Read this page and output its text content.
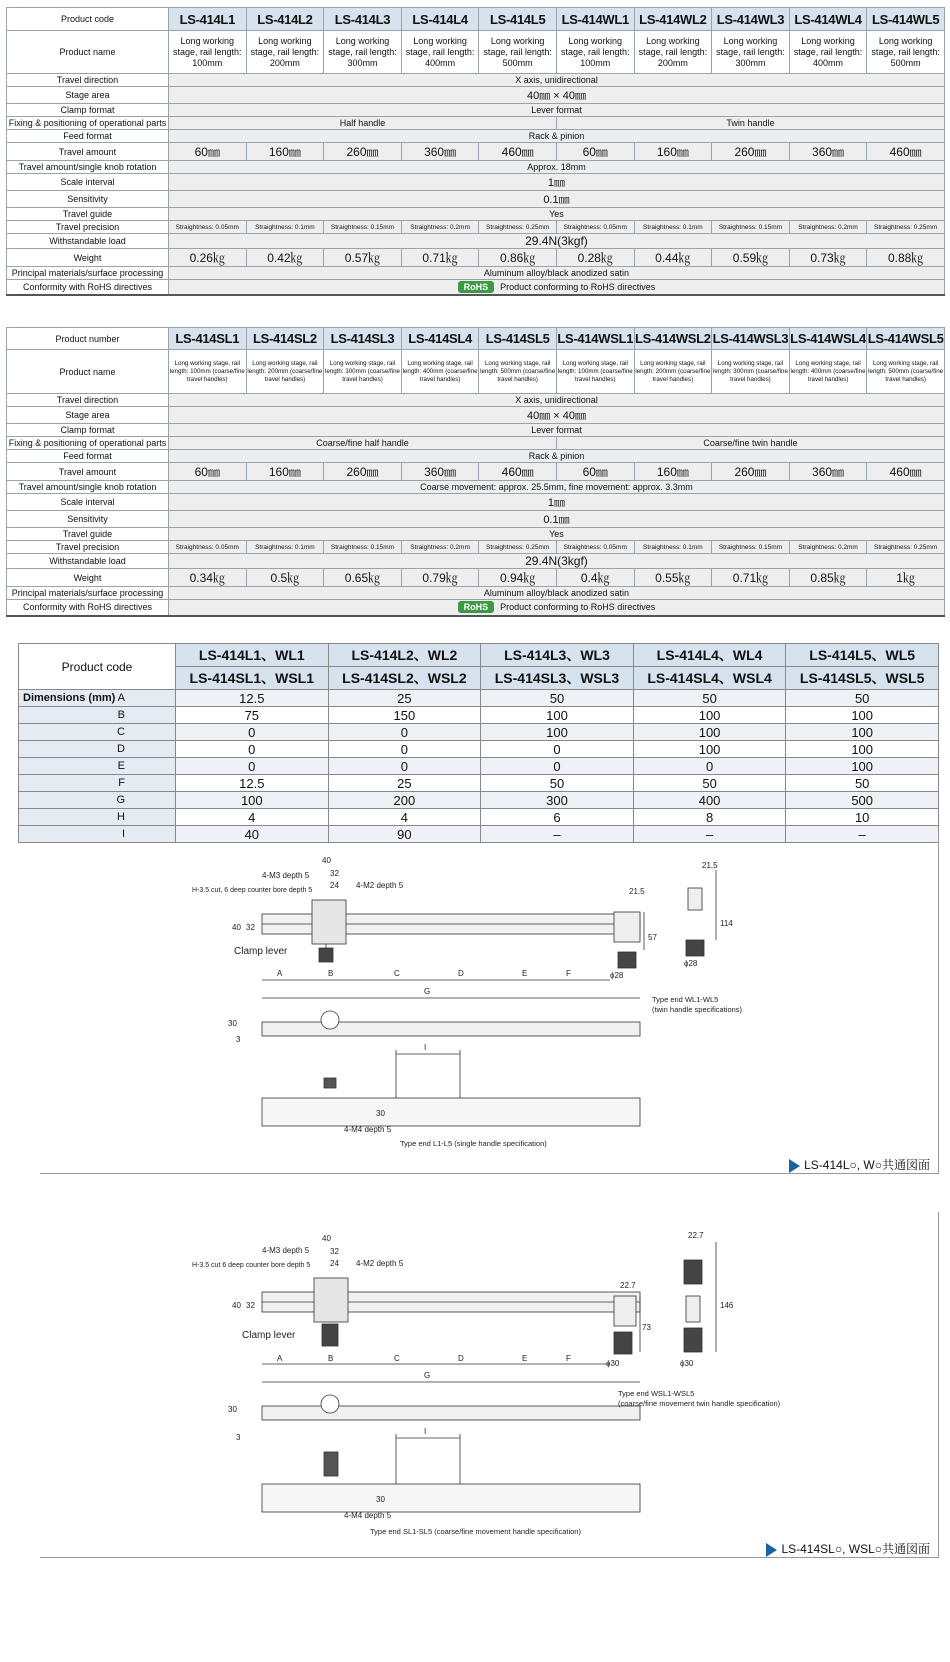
Product code	LS-414L1	LS-414L2	LS-414L3	LS-414L4	LS-414L5	LS-414WL1	LS-414WL2	LS-414WL3	LS-414WL4	LS-414WL5
Product name	Long working stage, rail length: 100mm	Long working stage, rail length: 200mm	Long working stage, rail length: 300mm	Long working stage, rail length: 400mm	Long working stage, rail length: 500mm	Long working stage, rail length: 100mm	Long working stage, rail length: 200mm	Long working stage, rail length: 300mm	Long working stage, rail length: 400mm	Long working stage, rail length: 500mm
Travel direction	X axis, unidirectional									
Stage area	40㎜ × 40㎜									
Clamp format	Lever format									
Fixing & positioning of operational parts	Half handle					Twin handle				
Feed format	Rack & pinion									
Travel amount	60㎜	160㎜	260㎜	360㎜	460㎜	60㎜	160㎜	260㎜	360㎜	460㎜
Travel amount/single knob rotation	Approx. 18mm									
Scale interval	1㎜									
Sensitivity	0.1㎜									
Travel guide	Yes									
Travel precision	Straightness: 0.05mm	Straightness: 0.1mm	Straightness: 0.15mm	Straightness: 0.2mm	Straightness: 0.25mm	Straightness: 0.05mm	Straightness: 0.1mm	Straightness: 0.15mm	Straightness: 0.2mm	Straightness: 0.25mm
Withstandable load	29.4N(3kgf)									
Weight	0.26㎏	0.42㎏	0.57㎏	0.71㎏	0.86㎏	0.28㎏	0.44㎏	0.59㎏	0.73㎏	0.88㎏
Principal materials/surface processing	Aluminum alloy/black anodized satin									
Conformity with RoHS directives	RoHS Product conforming to RoHS directives									
Product number	LS-414SL1	LS-414SL2	LS-414SL3	LS-414SL4	LS-414SL5	LS-414WSL1	LS-414WSL2	LS-414WSL3	LS-414WSL4	LS-414WSL5
Product name	Long working stage, rail length: 100mm (coarse/fine travel handles)	Long working stage, rail length: 200mm (coarse/fine travel handles)	Long working stage, rail length: 300mm (coarse/fine travel handles)	Long working stage, rail length: 400mm (coarse/fine travel handles)	Long working stage, rail length: 500mm (coarse/fine travel handles)	Long working stage, rail length: 100mm (coarse/fine travel handles)	Long working stage, rail length: 200mm (coarse/fine travel handles)	Long working stage, rail length: 300mm (coarse/fine travel handles)	Long working stage, rail length: 400mm (coarse/fine travel handles)	Long working stage, rail length: 500mm (coarse/fine travel handles)
Travel direction	X axis, unidirectional									
Stage area	40㎜ × 40㎜									
Clamp format	Lever format									
Fixing & positioning of operational parts	Coarse/fine half handle					Coarse/fine twin handle				
Feed format	Rack & pinion									
Travel amount	60㎜	160㎜	260㎜	360㎜	460㎜	60㎜	160㎜	260㎜	360㎜	460㎜
Travel amount/single knob rotation	Coarse movement: approx. 25.5mm, fine movement: approx. 3.3mm									
Scale interval	1㎜									
Sensitivity	0.1㎜									
Travel guide	Yes									
Travel precision	Straightness: 0.05mm	Straightness: 0.1mm	Straightness: 0.15mm	Straightness: 0.2mm	Straightness: 0.25mm	Straightness: 0.05mm	Straightness: 0.1mm	Straightness: 0.15mm	Straightness: 0.2mm	Straightness: 0.25mm
Withstandable load	29.4N(3kgf)									
Weight	0.34㎏	0.5㎏	0.65㎏	0.79㎏	0.94㎏	0.4㎏	0.55㎏	0.71㎏	0.85㎏	1㎏
Principal materials/surface processing	Aluminum alloy/black anodized satin									
Conformity with RoHS directives	RoHS Product conforming to RoHS directives									
Product code	LS-414L1、WL1	LS-414L2、WL2	LS-414L3、WL3	LS-414L4、WL4	LS-414L5、WL5
	LS-414SL1、WSL1	LS-414SL2、WSL2	LS-414SL3、WSL3	LS-414SL4、WSL4	LS-414SL5、WSL5
Dimensions (mm) A	12.5	25	50	50	50

B	75	150	100	100	100

C	0	0	100	100	100

D	0	0	0	100	100

E	0	0	0	0	100

F	12.5	25	50	50	50

G	100	200	300	400	500

H	4	4	6	8	10

I	40	90	–	–	–
40
32
24
4-M3 depth 5
4-M2 depth 5
H-3.5 cut, 6 deep counter bore depth 5
40 32
Clamp lever
A	B	C	D	E	F
G
30
3
I
30
4-M4 depth 5
Type end L1-L5 (single handle specification)
21.5
21.5
114
57
ϕ28
ϕ28
Type end WL1-WL5
(twin handle specifications)
LS-414L○, W○共通図面
40
32
24
4-M3 depth 5
4-M2 depth 5
H-3.5 cut 6 deep counter bore depth 5
40 32
Clamp lever
A	B	C	D	E	F
G
30
3
I
30
4-M4 depth 5
Type end SL1-SL5 (coarse/fine movement handle specification)
22.7
22.7
146
73
ϕ30	ϕ30
Type end WSL1-WSL5
(coarse/fine movement twin handle specification)
LS-414SL○, WSL○共通図面
